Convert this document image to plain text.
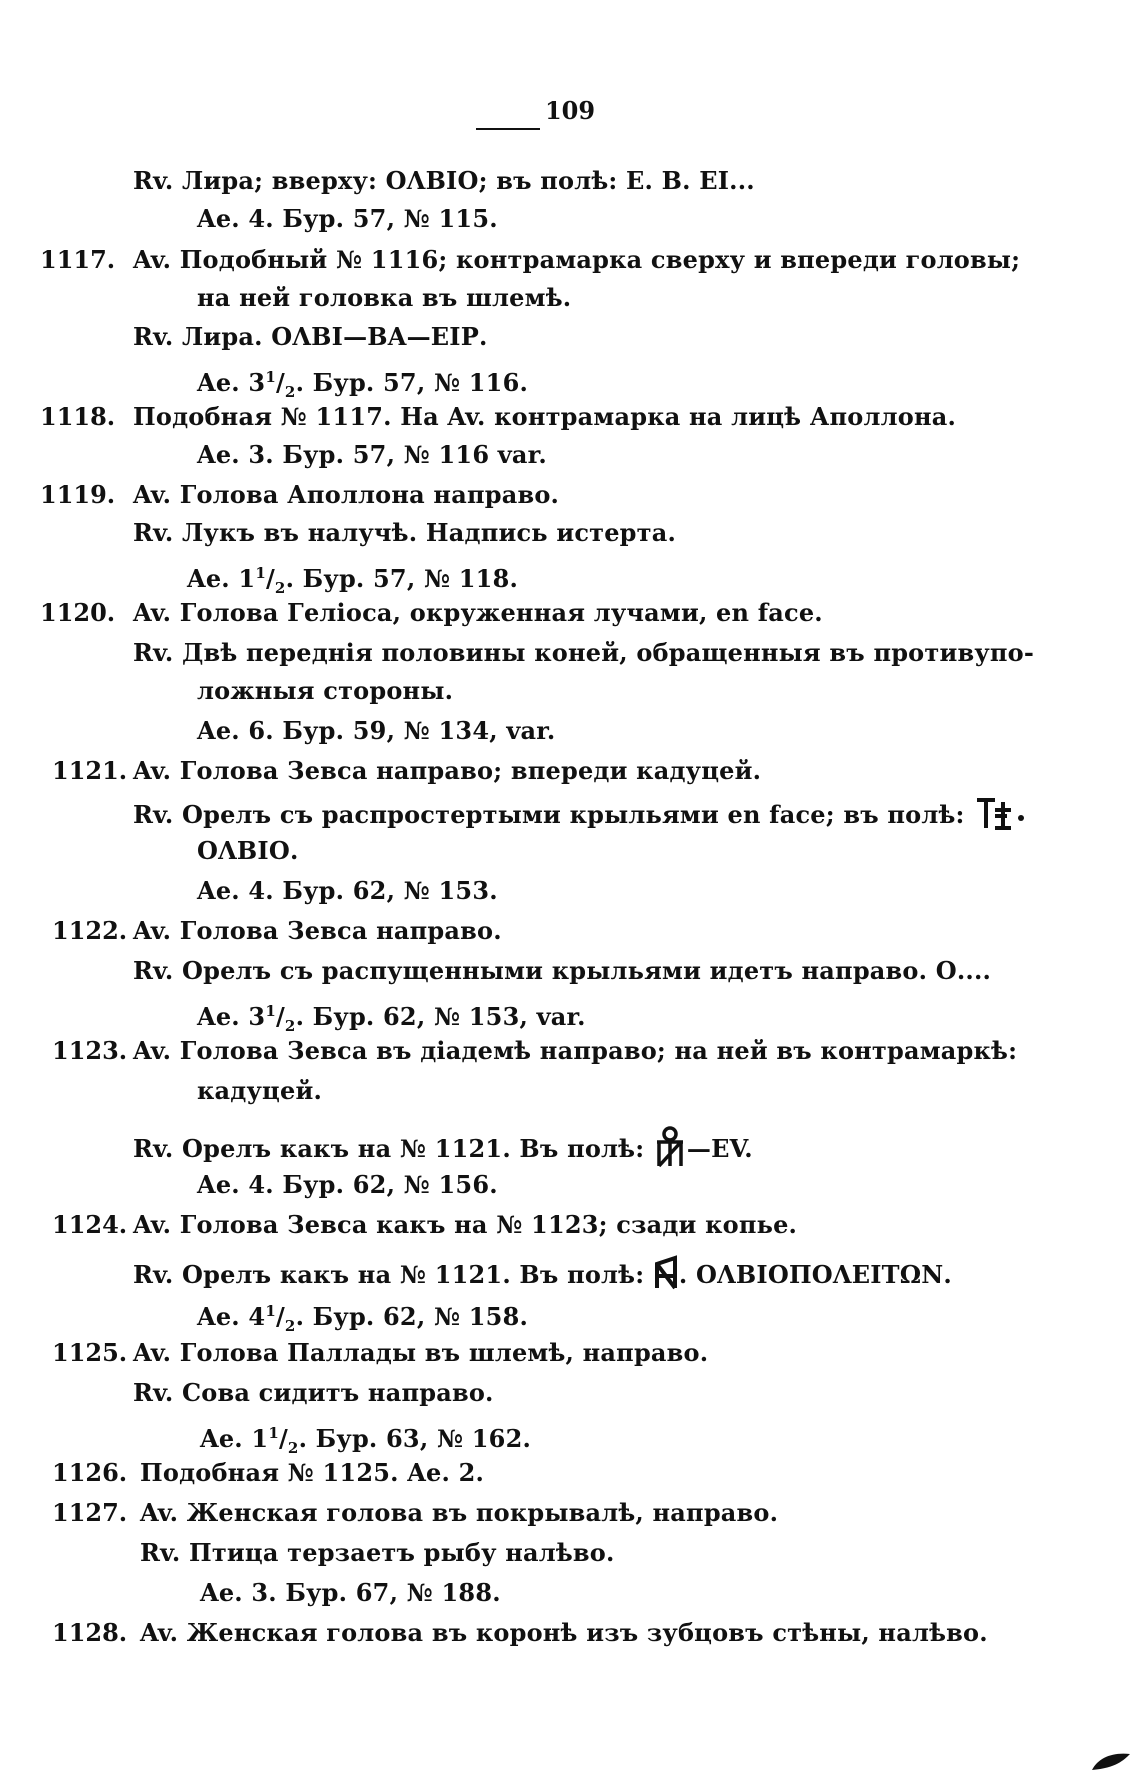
109
Rv. Лира; вверху: ΟΛΒΙΟ; въ полѣ: Ε. Β. ΕΙ...
Ae. 4. Бур. 57, № 115.
1117. Av. Подобный № 1116; контрамарка сверху и впереди головы;
на ней головка въ шлемѣ.
Rv. Лира. ΟΛΒΙ—ΒΑ—ΕΙΡ.
Ae. $3^1/_2$. Бур. 57, № 116.
1118. Подобная № 1117. На Av. контрамарка на лицѣ Аполлона.
Ae. 3. Бур. 57, № 116 var.
1119. Av. Голова Аполлона направо.
Rv. Лукъ въ налучѣ. Надпись истерта.
Ae. $1^1/_2$. Бур. 57, № 118.
1120. Av. Голова Геліоса, окруженная лучами, en face.
Rv. Двѣ переднія половины коней, обращенныя въ противупо-
ложныя стороны.
Ae. 6. Бур. 59, № 134, var.
1121. Av. Голова Зевса направо; впереди кадуцей.
Rv. Орелъ съ распростертыми крыльями en face; въ полѣ:
ΟΛΒΙΟ.
Ae. 4. Бур. 62, № 153.
1122. Av. Голова Зевса направо.
Rv. Орелъ съ распущенными крыльями идетъ направо. Ο....
Ae. $3^1/_2$. Бур. 62, № 153, var.
1123. Av. Голова Зевса въ діадемѣ направо; на ней въ контрамаркѣ:
кадуцей.
Rv. Орелъ какъ на № 1121. Въ полѣ: —EV.
Ae. 4. Бур. 62, № 156.
1124. Av. Голова Зевса какъ на № 1123; сзади копье.
Rv. Орелъ какъ на № 1121. Въ полѣ: . ΟΛΒΙΟΠΟΛΕΙΤΩΝ.
Ae. $4^1/_2$. Бур. 62, № 158.
1125. Av. Голова Паллады въ шлемѣ, направо.
Rv. Сова сидитъ направо.
Ae. $1^1/_2$. Бур. 63, № 162.
1126. Подобная № 1125. Ae. 2.
1127. Av. Женская голова въ покрывалѣ, направо.
Rv. Птица терзаетъ рыбу налѣво.
Ae. 3. Бур. 67, № 188.
1128. Av. Женская голова въ коронѣ изъ зубцовъ стѣны, налѣво.
